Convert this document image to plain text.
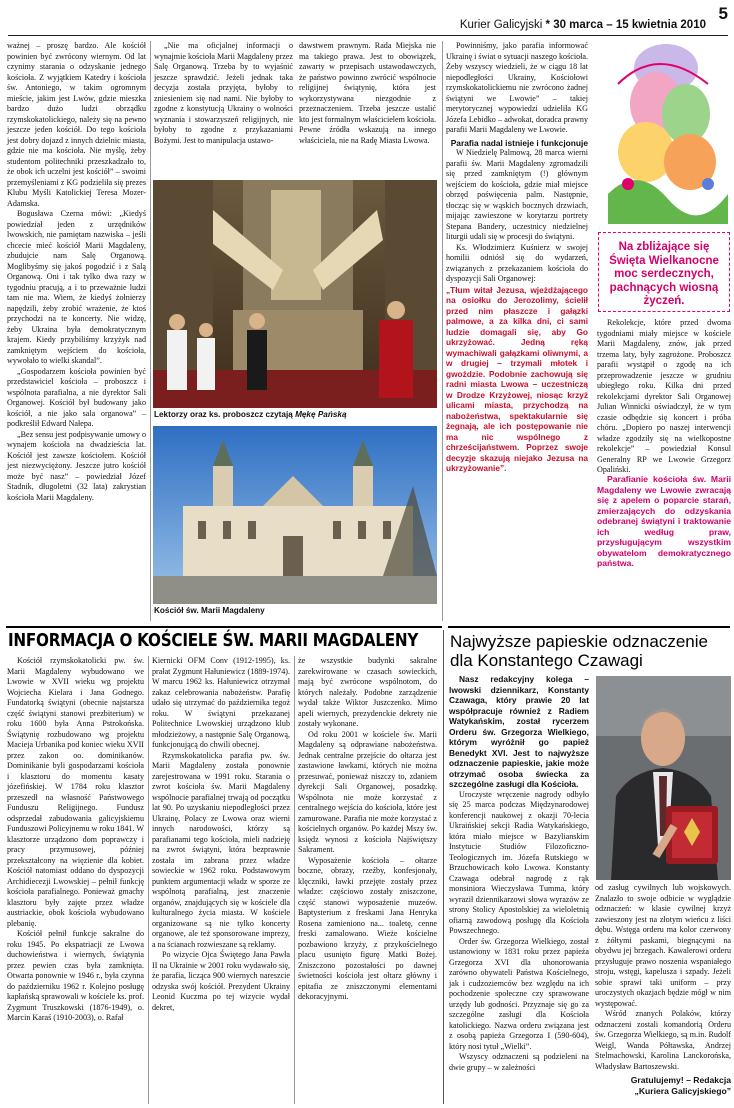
Kurier Galicyjski * 30 marca – 15 kwietnia 2010
5

ważnej – proszę bardzo. Ale kościół powinien być zwrócony wiernym. Od lat czynimy starania o odzyskanie jednego kościoła. Z wyjątkiem Katedry i kościoła św. Antoniego, w takim ogromnym mieście, jakim jest Lwów, gdzie mieszka bardzo dużo ludzi obrządku rzymskokatolickiego, należy się na pewno jeszcze jeden kościół. Do tego kościoła jest dobry dojazd z innych dzielnic miasta, gdzie nie ma kościoła. Nie myślę, żeby studentom politechniki przeszkadzało to, że obok ich uczelni jest kościół” – swoimi przemyśleniami z KG podzieliła się prezes Klubu Myśli Katolickiej Teresa Mozer-Adamska.

Bogusława Czerna mówi: „Kiedyś powiedział jeden z urzędników lwowskich, nie pamiętam nazwiska – jeśli chcecie mieć kościół Marii Magdaleny, zbudujcie nam Salę Organową. Moglibyśmy się jakoś pogodzić i z Salą Organową. Oni i tak tylko dwa razy w tygodniu pracują, a i to przeważnie ludzi tam nie ma. Wiem, że kiedyś żołnierzy napędzili, żeby zrobić wrażenie, że ktoś przychodzi na te koncerty. Nie widzę, żeby Ukraina była demokratycznym krajem. Kiedy przybiliśmy krzyżyk nad zamkniętym wejściem do kościoła, wywołało to wielki skandal”.

„Gospodarzem kościoła powinien być przedstawiciel kościoła – proboszcz i wspólnota parafialna, a nie dyrektor Sali Organowej. Kościół był budowany jako kościół, a nie jako sala organowa” – podkreślił Edward Nałepa.

„Bez sensu jest podpisywanie umowy o wynajem kościoła na dwadzieścia lat. Kościół jest zawsze kościołem. Kościół jest niezwyciężony. Jeszcze jutro kościół może być nasz” – powiedział Józef Stadnik, długoletni (32 lata) zakrystian kościoła Marii Magdaleny.

„Nie ma oficjalnej informacji o wynajmie kościoła Marii Magdaleny przez Salę Organową. Trzeba by to wyjaśnić jeszcze sprawdzić. Jeżeli jednak taka decyzja została przyjęta, byłoby to zniesieniem się nad nami. Nie byłoby to zgodne z konstytucją Ukrainy o wolności wyznania i stowarzyszeń religijnych, nie byłoby to zgodne z przykazaniami Bożymi. Jest to manipulacja ustawo-

dawstwem prawnym. Rada Miejska nie ma takiego prawa. Jest to obowiązek, zawarty w przepisach ustawodawczych, że państwo powinno zwrócić wspólnocie religijnej świątynię, która jest wykorzystywana niezgodnie z przeznaczeniem. Trzeba jeszcze ustalić kto jest formalnym właścicielem kościoła. Pewne źródła wskazują na innego właściciela, nie na Radę Miasta Lwowa.

Lektorzy oraz ks. proboszcz czytają Mękę Pańską
Kościół św. Marii Magdaleny

Powinniśmy, jako parafia informować Ukrainę i świat o sytuacji naszego kościoła. Żeby wszyscy wiedzieli, że w ciągu 18 lat niepodległości Ukrainy, Kościołowi rzymskokatolickiemu nie zwrócono żadnej świątyni we Lwowie” – takiej merytorycznej wypowiedzi udzieliła KG Józefa Lebidko – adwokat, doradca prawny parafii Marii Magdaleny we Lwowie.

Parafia nadal istnieje i funkcjonuje

W Niedzielę Palmową, 28 marca wierni parafii św. Marii Magdaleny zgromadzili się przed zamkniętym (!) głównym wejściem do kościoła, gdzie miał miejsce obrzęd poświęcenia palm. Następnie, tłocząc się w wąskich bocznych drzwiach, mijając zawieszone w korytarzu portrety Stepana Bandery, uczestnicy niedzielnej liturgii udali się w procesji do świątyni.

Ks. Włodzimierz Kuśnierz w swojej homilii odniósł się do wydarzeń, związanych z przekazaniem kościoła do dyspozycji Sali Organowej:

„Tłum witał Jezusa, wjeżdżającego na osiołku do Jerozolimy, ścielił przed nim płaszcze i gałązki palmowe, a za kilka dni, ci sami ludzie domagali się, aby Go ukrzyżować. Jedną ręką wymachiwali gałązkami oliwnymi, a w drugiej – trzymali młotek i gwoździe. Podobnie zachowują się radni miasta Lwowa – uczestniczą w Drodze Krzyżowej, niosąc krzyż ulicami miasta, przychodzą na nabożeństwa, spektakularnie się żegnają, ale ich postępowanie nie ma nic wspólnego z chrześcijaństwem. Poprzez swoje decyzje skazują niejako Jezusa na ukrzyżowanie”.

Na zbliżające się Święta Wielkanocne moc serdecznych, pachnących wiosną życzeń.

Rekolekcje, które przed dwoma tygodniami miały miejsce w kościele Marii Magdaleny, znów, jak przed trzema laty, były zagrożone. Proboszcz parafii wystąpił o zgodę na ich przeprowadzenie jeszcze w grudniu ubiegłego roku. Kilka dni przed rekolekcjami dyrektor Sali Organowej Julian Winnicki oświadczył, że w tym czasie odbędzie się koncert i próba chóru. „Dopiero po naszej interwencji władze zgodziły się na wielkopostne rekolekcje” – powiedział Konsul Generalny RP we Lwowie Grzegorz Opaliński.

Parafianie kościoła św. Marii Magdaleny we Lwowie zwracają się z apelem o poparcie starań, zmierzających do odzyskania odebranej świątyni i traktowanie ich według praw, przysługującym wszystkim obywatelom demokratycznego państwa.

INFORMACJA O KOŚCIELE ŚW. MARII MAGDALENY

Kościół rzymskokatolicki pw. św. Marii Magdaleny wybudowano we Lwowie w XVII wieku wg projektu Wojciecha Kielara i Jana Godnego. Fundatorką świątyni (obecnie najstarsza część świątyni stanowi prezbiterium) w roku 1600 była Anna Pstrokońska. Świątynię rozbudowano wg projektu Macieja Urbanika pod koniec wieku XVII przez zakon oo. dominikanów. Dominikanie byli gospodarzami kościoła i klasztoru do momentu kasaty józefińskiej. W 1784 roku klasztor przeszedł na własność Państwowego Funduszu Religijnego. Fundusz odsprzedał zabudowania galicyjskiemu Funduszowi Policyjnemu w roku 1841. W klasztorze urządzono dom poprawczy i pracy przymusowej, później przekształcony na więzienie dla kobiet. Kościół natomiast oddano do dyspozycji Archidiecezji Lwowskiej – pełnił funkcję kościoła parafialnego. Ponieważ gmachy klasztoru były zajęte przez władze austriackie, obok kościoła wybudowano plebanię.

Kościół pełnił funkcje sakralne do roku 1945. Po ekspatriacji ze Lwowa duchowieństwa i wiernych, świątynia przez pewien czas była zamknięta. Otwarta ponownie w 1946 r., była czynna do październiku 1962 r. Kolejno posługę kapłańską sprawowali w kościele ks. prof. Zygmunt Truszkowski (1876-1949), o. Marcin Karaś (1910-2003), o. Rafał

Kiernicki OFM Conv (1912-1995), ks. prałat Zygmunt Hałuniewicz (1889-1974). W marcu 1962 ks. Hałuniewicz otrzymał zakaz celebrowania nabożeństw. Parafię udało się utrzymać do października tegoż roku. W świątyni przekazanej Politechnice Lwowskiej urządzono klub młodzieżowy, a następnie Salę Organową, funkcjonującą do chwili obecnej.

Rzymskokatolicka parafia pw. św. Marii Magdaleny została ponownie zarejestrowana w 1991 roku. Starania o zwrot kościoła św. Marii Magdaleny wspólnocie parafialnej trwają od początku lat 90. Po uzyskaniu niepodległości przez Ukrainę, Polacy ze Lwowa oraz wierni innych narodowości, którzy są parafianami tego kościoła, mieli nadzieję na zwrot świątyni, która bezprawnie została im zabrana przez władze sowieckie w 1962 roku. Podstawowym punktem argumentacji władz w sporze ze wspólnotą parafialną, jest znaczenie organów, znajdujących się w kościele dla kulturalnego życia miasta. W kościele organizowane są nie tylko koncerty organowe, ale też sponsorowane imprezy, a na ścianach rozwieszane są reklamy.

Po wizycie Ojca Świętego Jana Pawła II na Ukrainie w 2001 roku wydawało się, że parafia, licząca 900 wiernych nareszcie odzyska swój kościół. Prezydent Ukrainy Leonid Kuczma po tej wizycie wydał dekret,

że wszystkie budynki sakralne zarekwirowane w czasach sowieckich, mają być zwrócone wspólnotom, do których należały. Podobne zarządzenie wydał także Wiktor Juszczenko. Mimo apeli wiernych, prezydenckie dekrety nie zostały wykonane.

Od roku 2001 w kościele św. Marii Magdaleny są odprawiane nabożeństwa. Jednak centralne przejście do ołtarza jest zastawione ławkami, których nie można przesuwać, ponieważ niszczy to, zdaniem dyrekcji Sali Organowej, posadzkę. Wspólnota nie może korzystać z centralnego wejścia do kościoła, które jest zamurowane. Parafia nie może korzystać z kościelnych organów. Po każdej Mszy św. księdz wynosi z kościoła Najświętszy Sakrament.

Wyposażenie kościoła – ołtarze boczne, obrazy, rzeźby, konfesjonały, klęczniki, ławki przejęte zostały przez władze: częściowo zostały zniszczone, część stanowi wyposażenie muzeów. Baptysterium z freskami Jana Henryka Rosena zamieniono na... toaletę, cenne freski zamalowano. Wieże kościelne pozbawiono krzyży, z przykościelnego placu usunięto figurę Matki Bożej. Zniszczono pozostałości po dawnej świetności kościoła jest ołtarz główny i epitafia ze zniszczonymi elementami dekoracyjnymi.

Najwyższe papieskie odznaczenie dla Konstantego Czawagi

Nasz redakcyjny kolega – lwowski dziennikarz, Konstanty Czawaga, który prawie 20 lat współpracuje również z Radiem Watykańskim, został rycerzem Orderu św. Grzegorza Wielkiego, którym wyróżnił go papież Benedykt XVI. Jest to najwyższe odznaczenie papieskie, jakie może otrzymać osoba świecka za szczególne zasługi dla Kościoła.

Uroczyste wręczenie nagrody odbyło się 25 marca podczas Międzynarodowej konferencji naukowej z okazji 70-lecia Ukraińskiej sekcji Radia Watykańskiego, która miało miejsce w Bazylianskim Instytucie Studiów Filozoficzno-Teologicznych im. Józefa Rutskiego w Brzuchowicach koło Lwowa. Konstanty Czawaga odebrał nagrodę z rąk monsiniora Wieczysława Tumma, który wyraził dziennikarzowi słowa wyrazów ze strony Stolicy Apostolskiej za wieloletnią ofiarną zawodową posługę dla Kościoła Powszechnego.

Order św. Grzegorza Wielkiego, został ustanowiony w 1831 roku przez papieża Grzegorza XVI dla uhonorowania zarówno obywateli Państwa Kościelnego, jak i cudzoziemców bez względu na ich pochodzenie społeczne czy sprawowane urzędy lub godności. Przyznaje się go za szczególne zasługi dla Kościoła katolickiego. Nazwa orderu związana jest z osobą papieża Grzegorza I (590-604), który nosi tytuł „Wielki”.

Wszyscy odznaczeni są podzieleni na dwie grupy – w zależności

od zasług cywilnych lub wojskowych. Znalazło to swoje odbicie w wyglądzie odznaczeń: w klasie cywilnej krzyż zawieszony jest na złotym wieńcu z liści dębu. Wstęga orderu ma kolor czerwony z żółtymi paskami, biegnącymi na obydwu jej brzegach. Kawalerowi orderu przysługuje prawo noszenia wspaniałego stroju, wstęgi, kapelusza i szpady. Jeżeli sobie sprawi taki uniform – przy uroczystych okazjach będzie mógł w nim występować.

Wśród znanych Polaków, którzy odznaczeni zostali komandorią Orderu św. Grzegorza Wielkiego, są m.in. Rudolf Weigl, Wanda Półtawska, Andrzej Stelmachowski, Karolina Lanckorońska, Władysław Bartoszewski.

Gratulujemy! – Redakcja
„Kuriera Galicyjskiego”
